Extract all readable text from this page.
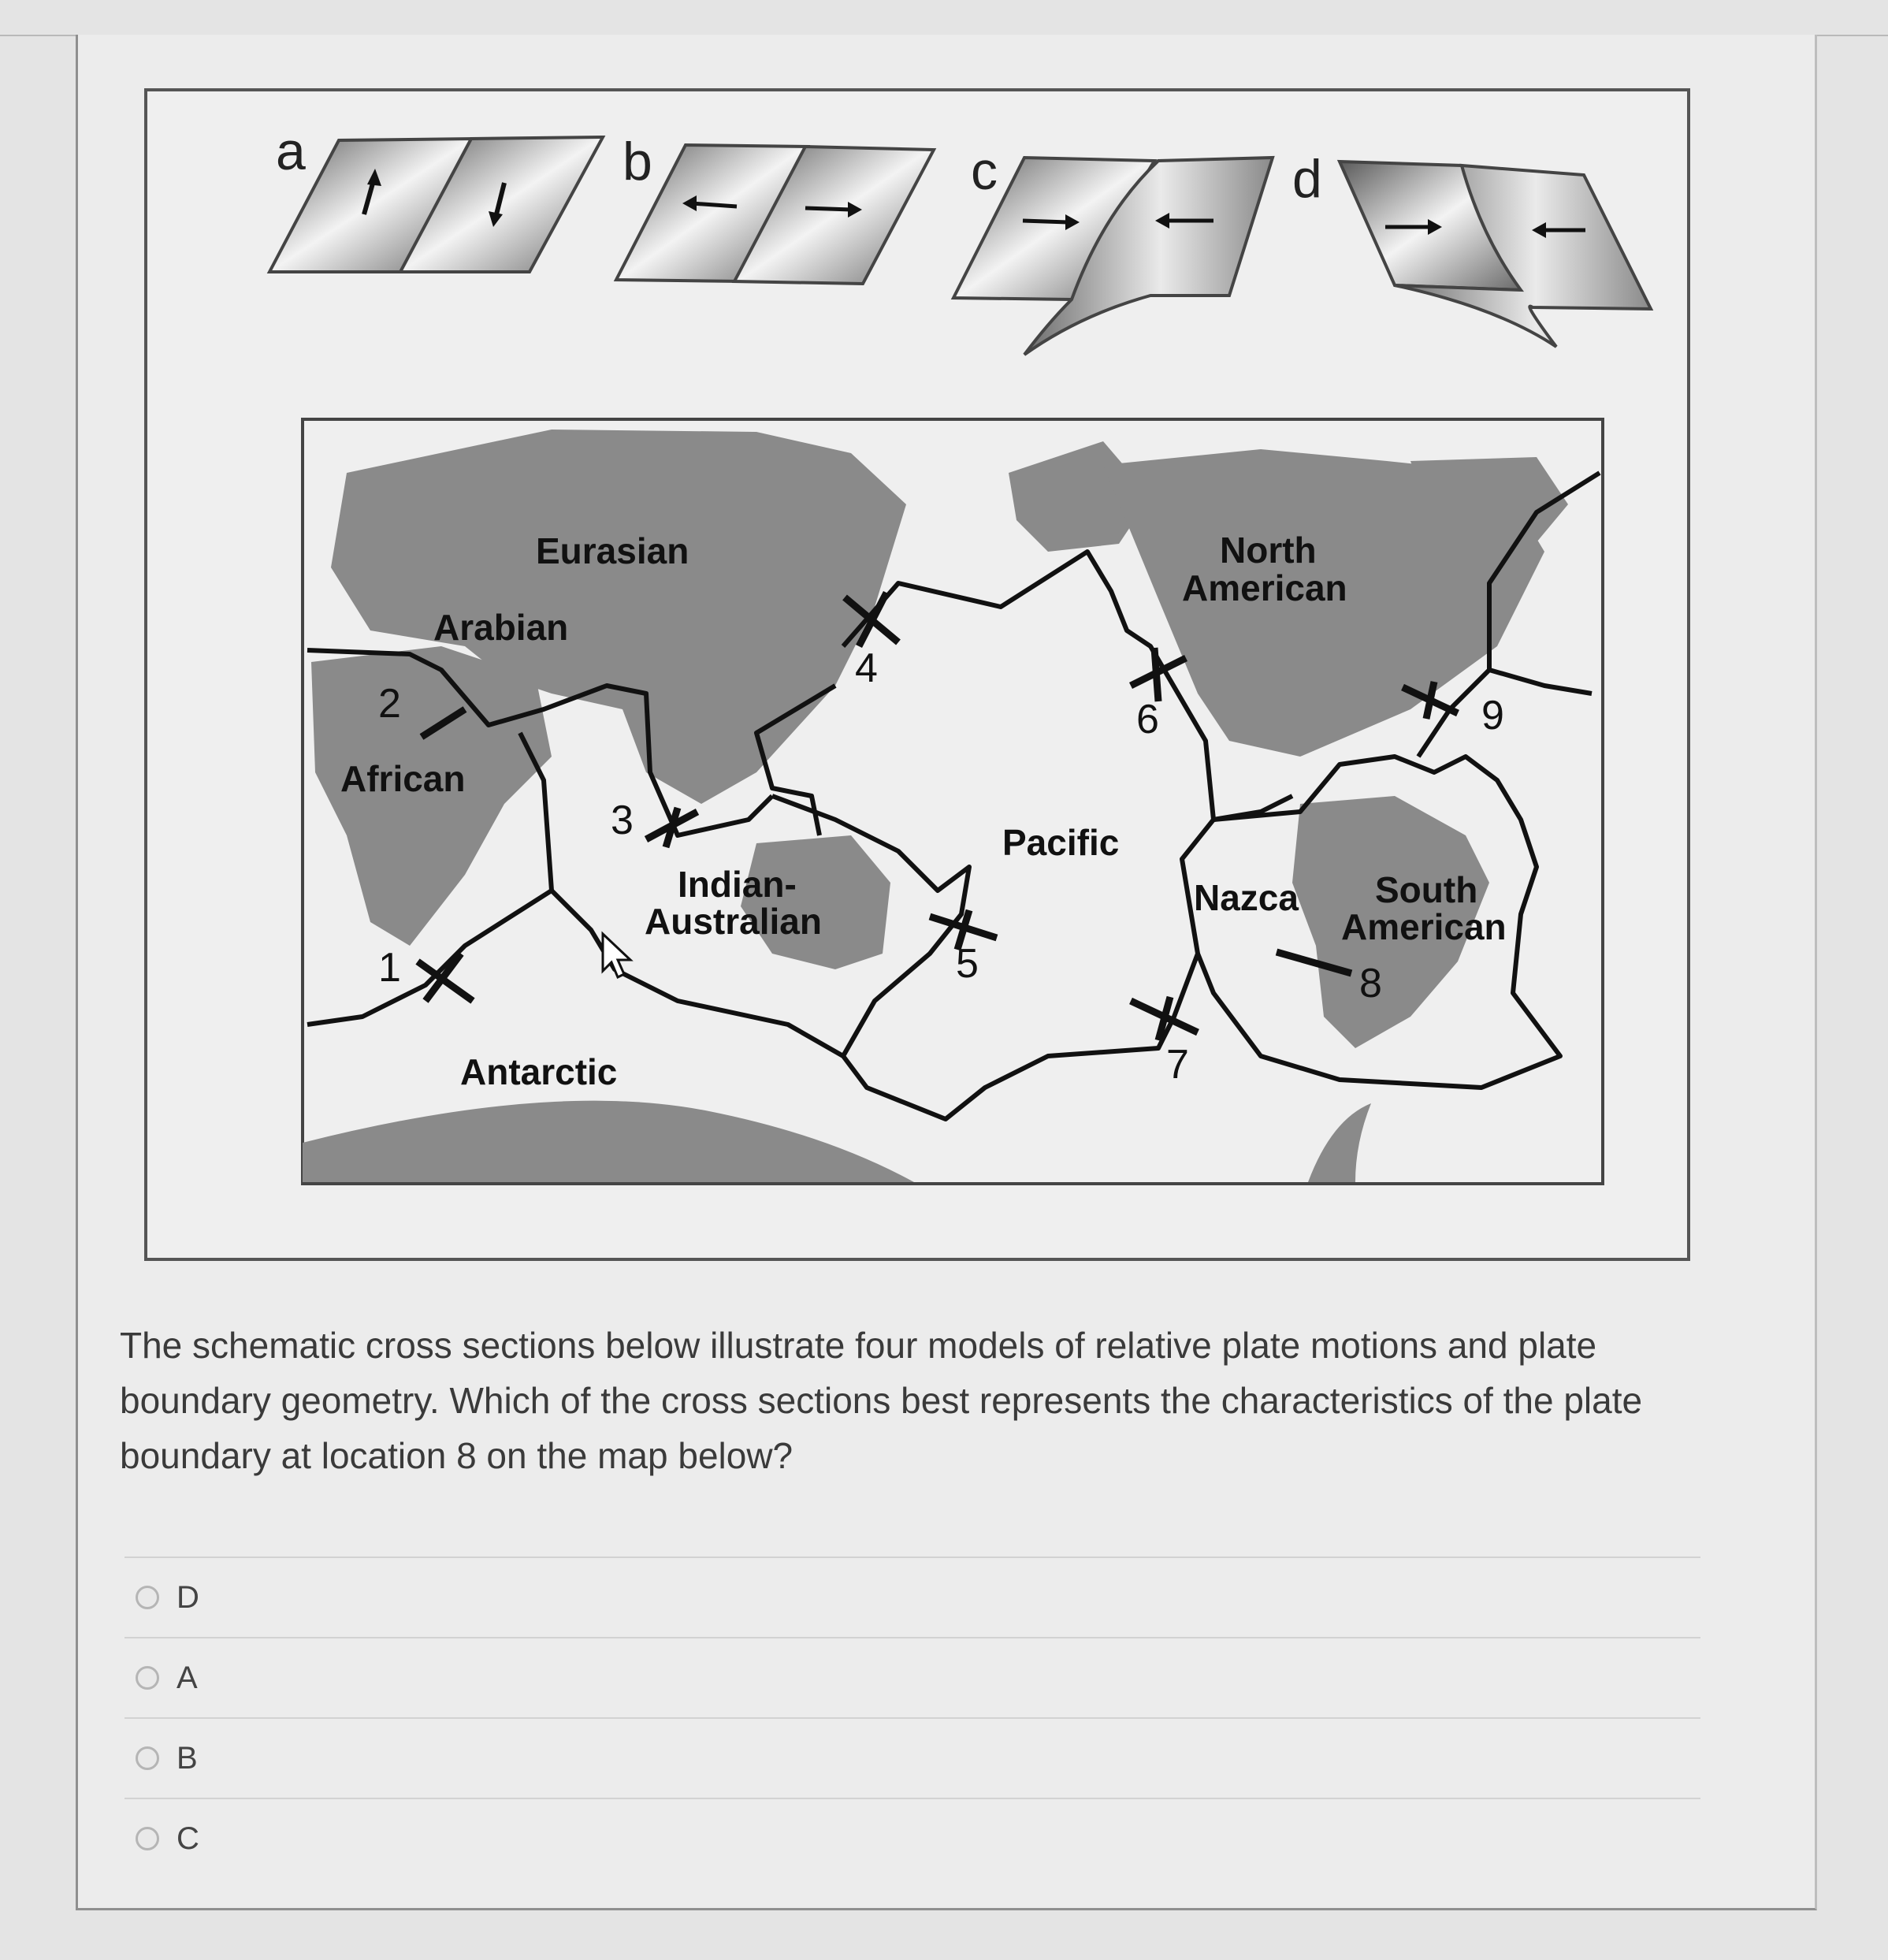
a	b	c	d
1
2
3
4
5
6
7
8
9
Eurasian
Arabian
African
Indian-
Australian
Pacific
North
American
Nazca South
American
Antarctic

The schematic cross sections below illustrate four models of relative plate motions and plate boundary geometry. Which of the cross sections best represents the characteristics of the plate boundary at location 8 on the map below?

D
A
B
C
